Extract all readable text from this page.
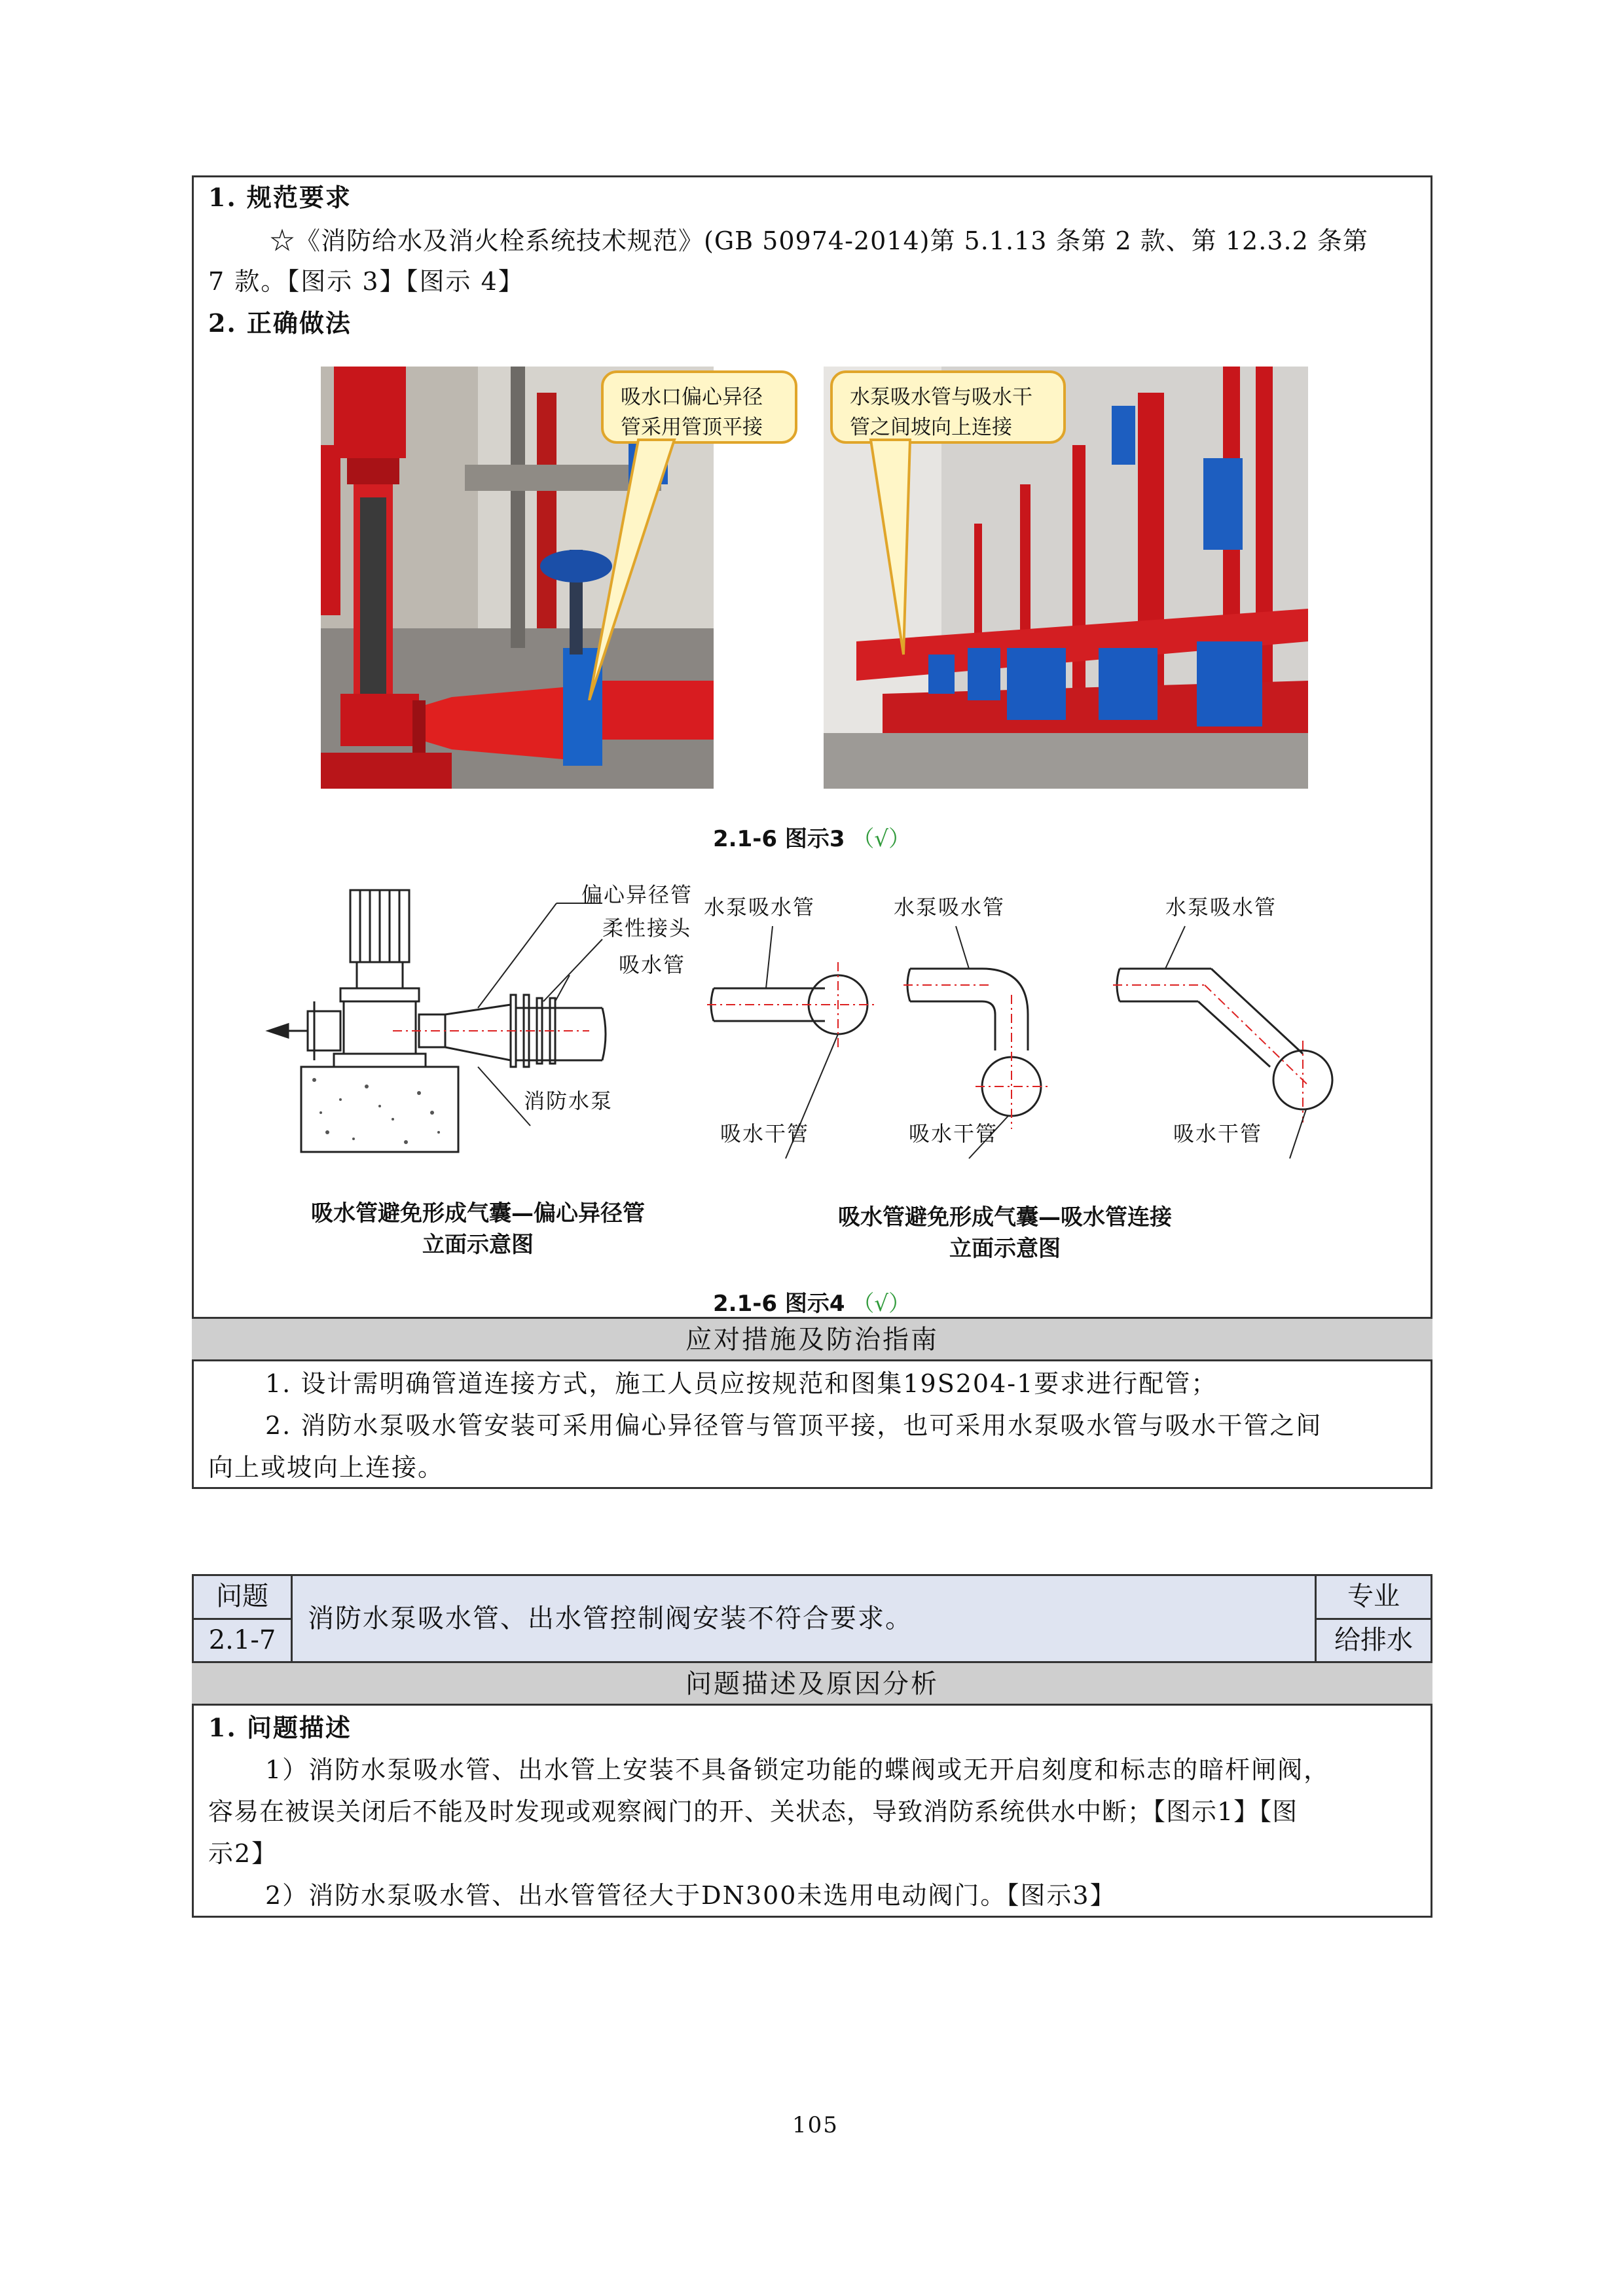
1. 规范要求
☆《消防给水及消火栓系统技术规范》(GB 50974-2014)第 5.1.13 条第 2 款、第 12.3.2 条第
7 款。【图示 3】【图示 4】
2. 正确做法
吸水口偏心异径
管采用管顶平接
水泵吸水管与吸水干
管之间坡向上连接
2.1-6 图示3 （√）
偏心异径管
柔性接头
吸水管
消防水泵
水泵吸水管
吸水干管
水泵吸水管
吸水干管
水泵吸水管
吸水干管
吸水管避免形成气囊—偏心异径管
立面示意图
吸水管避免形成气囊—吸水管连接
立面示意图
2.1-6 图示4 （√）
应对措施及防治指南
1. 设计需明确管道连接方式，施工人员应按规范和图集19S204-1要求进行配管；
2. 消防水泵吸水管安装可采用偏心异径管与管顶平接，也可采用水泵吸水管与吸水干管之间
向上或坡向上连接。
问题
2.1-7
消防水泵吸水管、出水管控制阀安装不符合要求。
专业
给排水
问题描述及原因分析
1. 问题描述
1）消防水泵吸水管、出水管上安装不具备锁定功能的蝶阀或无开启刻度和标志的暗杆闸阀，
容易在被误关闭后不能及时发现或观察阀门的开、关状态，导致消防系统供水中断；【图示1】【图
示2】
2）消防水泵吸水管、出水管管径大于DN300未选用电动阀门。【图示3】
105
